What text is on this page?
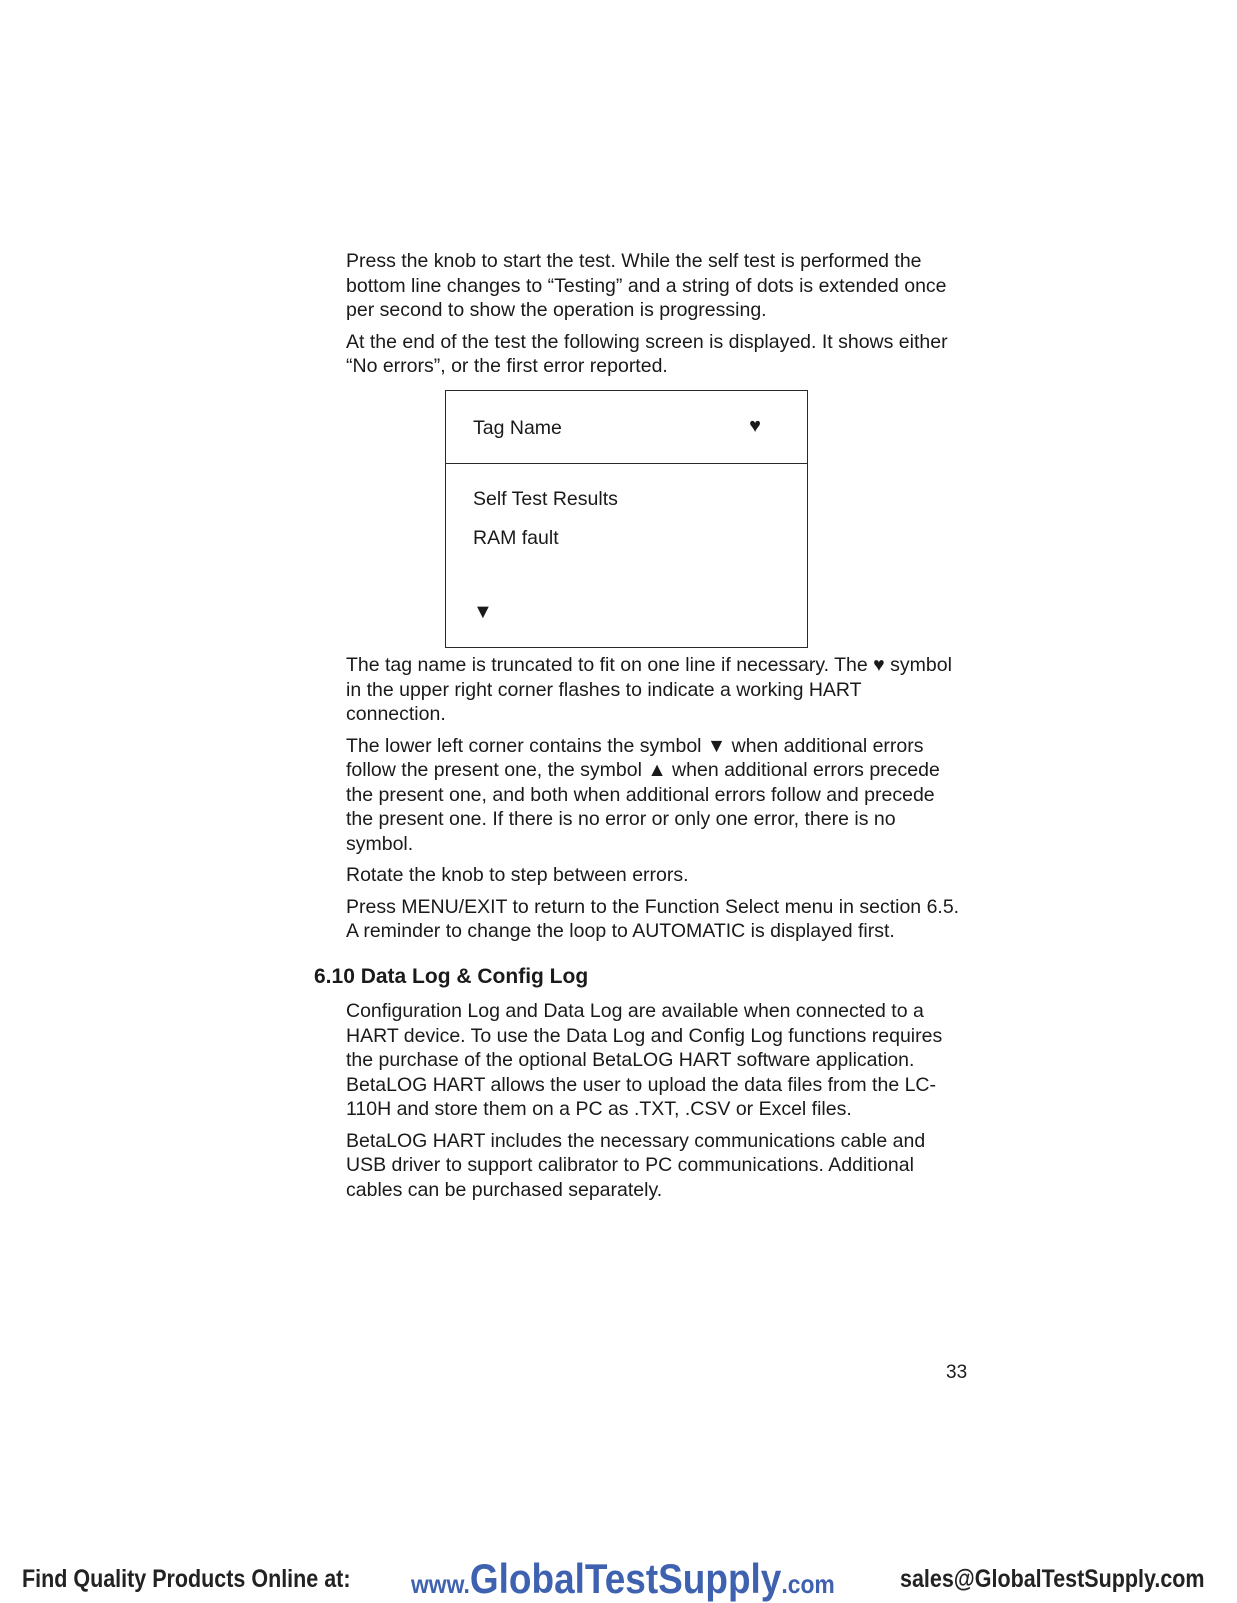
Press the knob to start the test. While the self test is performed the bottom line changes to “Testing” and a string of dots is extended once per second to show the operation is progressing.

At the end of the test the following screen is displayed. It shows either “No errors”, or the first error reported.

Tag Name	♥
Self Test Results
RAM fault
▼

The tag name is truncated to fit on one line if necessary. The ♥ symbol in the upper right corner flashes to indicate a working HART connection.

The lower left corner contains the symbol ▼ when additional errors follow the present one, the symbol ▲ when additional errors precede the present one, and both when additional errors follow and precede the present one. If there is no error or only one error, there is no symbol.

Rotate the knob to step between errors.

Press MENU/EXIT to return to the Function Select menu in section 6.5. A reminder to change the loop to AUTOMATIC is displayed first.

6.10 Data Log & Config Log

Configuration Log and Data Log are available when connected to a HART device. To use the Data Log and Config Log functions requires the purchase of the optional BetaLOG HART software application. BetaLOG HART allows the user to upload the data files from the LC-110H and store them on a PC as .TXT, .CSV or Excel files.

BetaLOG HART includes the necessary communications cable and USB driver to support calibrator to PC communications. Additional cables can be purchased separately.

33
Find Quality Products Online at: www.GlobalTestSupply.com	sales@GlobalTestSupply.com
